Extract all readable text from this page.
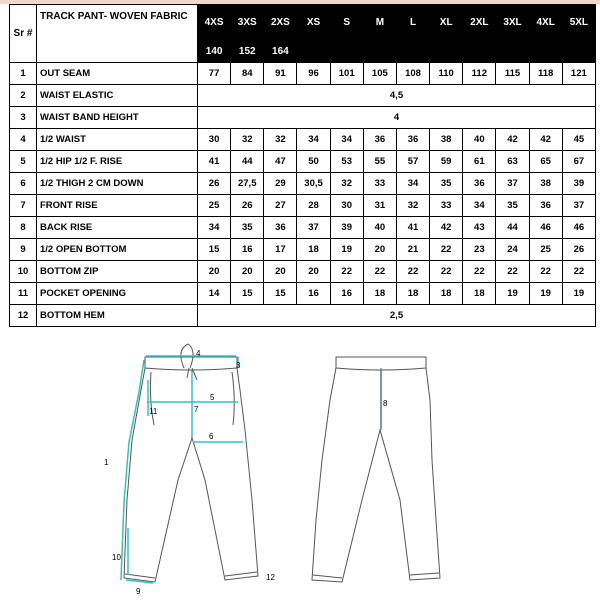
Sr #	TRACK PANT- WOVEN FABRIC	4XS	3XS	2XS	XS	S	M	L	XL	2XL	3XL	4XL	5XL
		140	152	164									
1	OUT SEAM	77	84	91	96	101	105	108	110	112	115	118	121
2	WAIST ELASTIC	4,5											
3	WAIST BAND HEIGHT	4											
4	1/2 WAIST	30	32	32	34	34	36	36	38	40	42	42	45
5	1/2 HIP 1/2 F. RISE	41	44	47	50	53	55	57	59	61	63	65	67
6	1/2 THIGH 2 CM DOWN	26	27,5	29	30,5	32	33	34	35	36	37	38	39
7	FRONT RISE	25	26	27	28	30	31	32	33	34	35	36	37
8	BACK RISE	34	35	36	37	39	40	41	42	43	44	46	46
9	1/2 OPEN BOTTOM	15	16	17	18	19	20	21	22	23	24	25	26
10	BOTTOM ZIP	20	20	20	20	22	22	22	22	22	22	22	22
11	POCKET OPENING	14	15	15	16	16	18	18	18	18	19	19	19
12	BOTTOM HEM	2,5											
1
3
4
5
6
7
8
9
10
11
12
